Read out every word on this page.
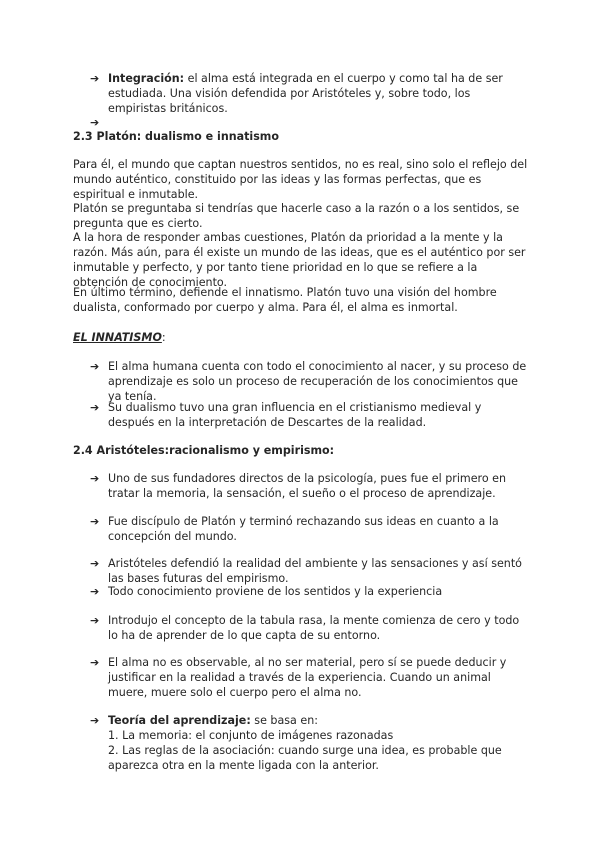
➔ Integración: el alma está integrada en el cuerpo y como tal ha de ser estudiada. Una visión defendida por Aristóteles y, sobre todo, los empiristas británicos.
➔
2.3 Platón: dualismo e innatismo
Para él, el mundo que captan nuestros sentidos, no es real, sino solo el reflejo del mundo auténtico, constituido por las ideas y las formas perfectas, que es espiritual e inmutable.
Platón se preguntaba si tendrías que hacerle caso a la razón o a los sentidos, se pregunta que es cierto.
A la hora de responder ambas cuestiones, Platón da prioridad a la mente y la razón. Más aún, para él existe un mundo de las ideas, que es el auténtico por ser inmutable y perfecto, y por tanto tiene prioridad en lo que se refiere a la obtención de conocimiento.
En último término, defiende el innatismo. Platón tuvo una visión del hombre dualista, conformado por cuerpo y alma. Para él, el alma es inmortal.
EL INNATISMO:
➔ El alma humana cuenta con todo el conocimiento al nacer, y su proceso de aprendizaje es solo un proceso de recuperación de los conocimientos que ya tenía.
➔ Su dualismo tuvo una gran influencia en el cristianismo medieval y después en la interpretación de Descartes de la realidad.
2.4 Aristóteles:racionalismo y empirismo:
➔ Uno de sus fundadores directos de la psicología, pues fue el primero en tratar la memoria, la sensación, el sueño o el proceso de aprendizaje.
➔ Fue discípulo de Platón y terminó rechazando sus ideas en cuanto a la concepción del mundo.
➔ Aristóteles defendió la realidad del ambiente y las sensaciones y así sentó las bases futuras del empirismo.
➔ Todo conocimiento proviene de los sentidos y la experiencia
➔ Introdujo el concepto de la tabula rasa, la mente comienza de cero y todo lo ha de aprender de lo que capta de su entorno.
➔ El alma no es observable, al no ser material, pero sí se puede deducir y justificar en la realidad a través de la experiencia. Cuando un animal muere, muere solo el cuerpo pero el alma no.
➔ Teoría del aprendizaje: se basa en:
1. La memoria: el conjunto de imágenes razonadas
2. Las reglas de la asociación: cuando surge una idea, es probable que aparezca otra en la mente ligada con la anterior.
